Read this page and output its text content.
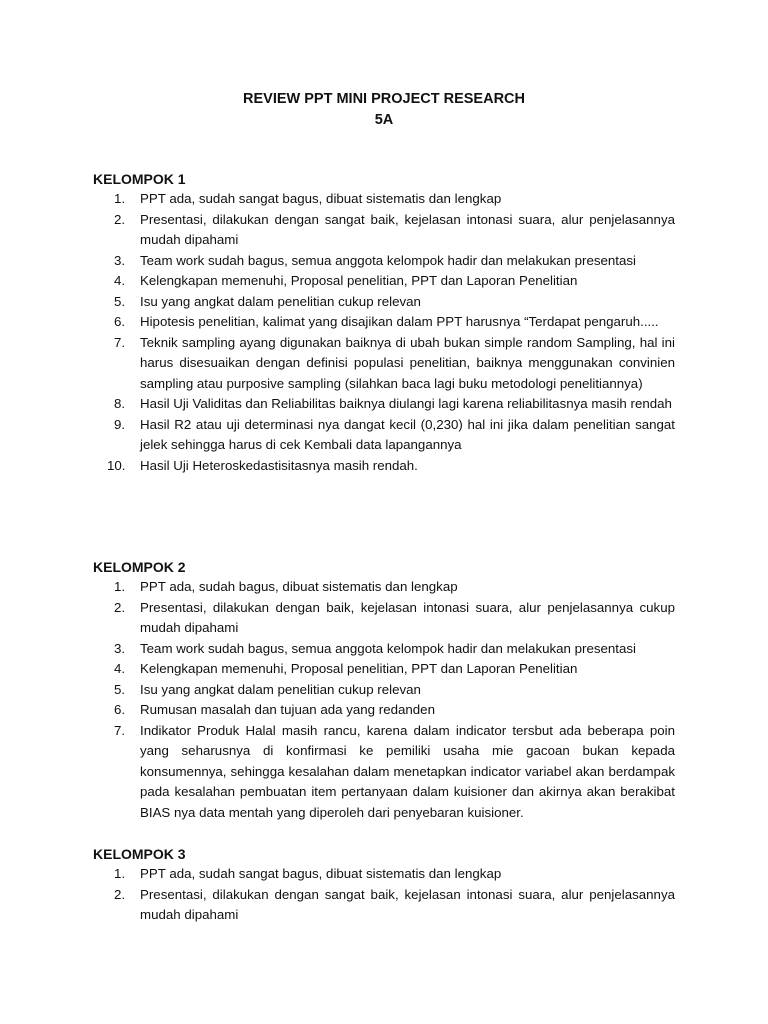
REVIEW PPT MINI PROJECT RESEARCH
5A
KELOMPOK 1
1.	PPT ada, sudah sangat bagus, dibuat sistematis dan lengkap
2.	Presentasi, dilakukan dengan sangat baik, kejelasan intonasi suara, alur penjelasannya mudah dipahami
3.	Team work sudah bagus, semua anggota kelompok hadir dan melakukan presentasi
4.	Kelengkapan memenuhi, Proposal penelitian, PPT dan Laporan Penelitian
5.	Isu yang angkat dalam penelitian cukup relevan
6.	Hipotesis penelitian, kalimat yang disajikan dalam PPT harusnya “Terdapat pengaruh.....
7.	Teknik sampling ayang digunakan baiknya di ubah bukan simple random Sampling, hal ini harus disesuaikan dengan definisi populasi penelitian, baiknya menggunakan convinien sampling atau purposive sampling (silahkan baca lagi buku metodologi penelitiannya)
8.	Hasil Uji Validitas dan Reliabilitas baiknya diulangi lagi karena reliabilitasnya masih rendah
9.	Hasil R2 atau uji determinasi nya dangat kecil (0,230) hal ini jika dalam penelitian sangat jelek sehingga harus di cek Kembali data lapangannya
10.	Hasil Uji Heteroskedastisitasnya masih rendah.
KELOMPOK 2
1.	PPT ada, sudah bagus, dibuat sistematis dan lengkap
2.	Presentasi, dilakukan dengan baik, kejelasan intonasi suara, alur penjelasannya cukup mudah dipahami
3.	Team work sudah bagus, semua anggota kelompok hadir dan melakukan presentasi
4.	Kelengkapan memenuhi, Proposal penelitian, PPT dan Laporan Penelitian
5.	Isu yang angkat dalam penelitian cukup relevan
6.	Rumusan masalah dan tujuan ada yang redanden
7.	Indikator Produk Halal masih rancu, karena dalam indicator tersbut ada beberapa poin yang seharusnya di konfirmasi ke pemiliki usaha mie gacoan bukan kepada konsumennya, sehingga kesalahan dalam menetapkan indicator variabel akan berdampak pada kesalahan pembuatan item pertanyaan dalam kuisioner dan akirnya akan berakibat BIAS nya data mentah yang diperoleh dari penyebaran kuisioner.
KELOMPOK 3
1.	PPT ada, sudah sangat bagus, dibuat sistematis dan lengkap
2.	Presentasi, dilakukan dengan sangat baik, kejelasan intonasi suara, alur penjelasannya mudah dipahami
